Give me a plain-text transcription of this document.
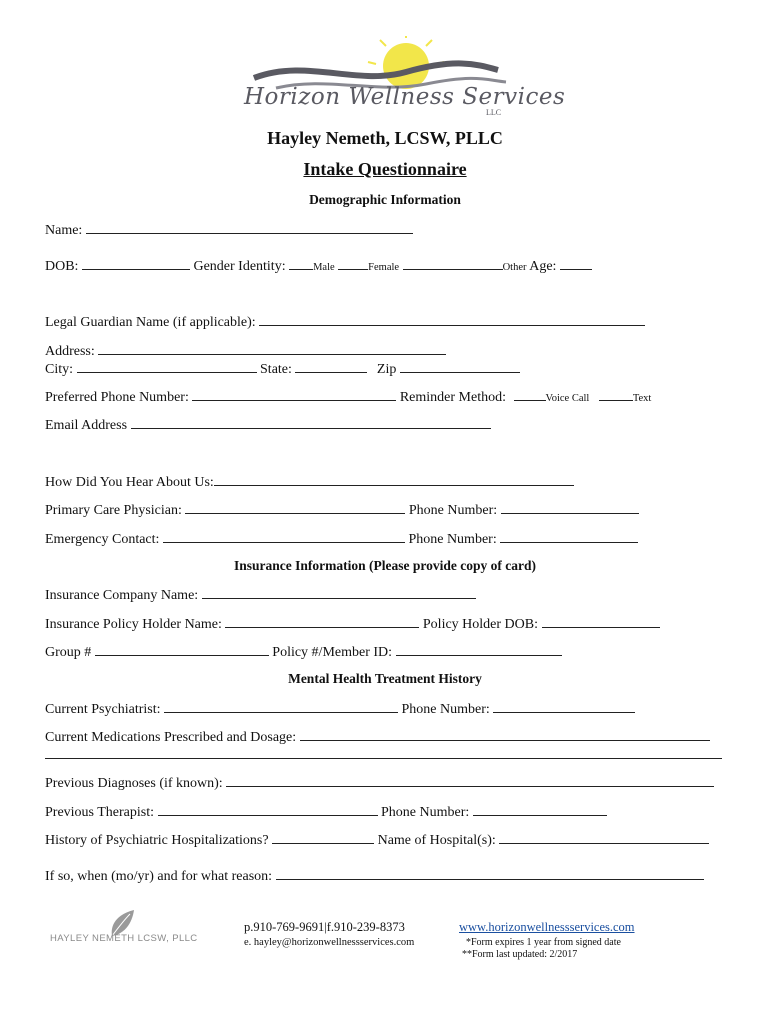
Horizon Wellness Services
LLC
Hayley Nemeth, LCSW, PLLC
Intake Questionnaire
Demographic Information
Name:
DOB:	Gender Identity:	Male	Female	Other Age:
Legal Guardian Name (if applicable):
Address:
City:	State:	Zip
Preferred Phone Number:	Reminder Method:	Voice Call	Text
Email Address
How Did You Hear About Us:
Primary Care Physician:	Phone Number:
Emergency Contact:	Phone Number:
Insurance Information (Please provide copy of card)
Insurance Company Name:
Insurance Policy Holder Name:	Policy Holder DOB:
Group #	Policy #/Member ID:
Mental Health Treatment History
Current Psychiatrist:	Phone Number:
Current Medications Prescribed and Dosage:
Previous Diagnoses (if known):
Previous Therapist:	Phone Number:
History of Psychiatric Hospitalizations?	Name of Hospital(s):
If so, when (mo/yr) and for what reason:
HAYLEY NEMETH LCSW, PLLC
p.910-769-9691|f.910-239-8373
e. hayley@horizonwellnessservices.com
www.horizonwellnessservices.com
*Form expires 1 year from signed date
**Form last updated: 2/2017
